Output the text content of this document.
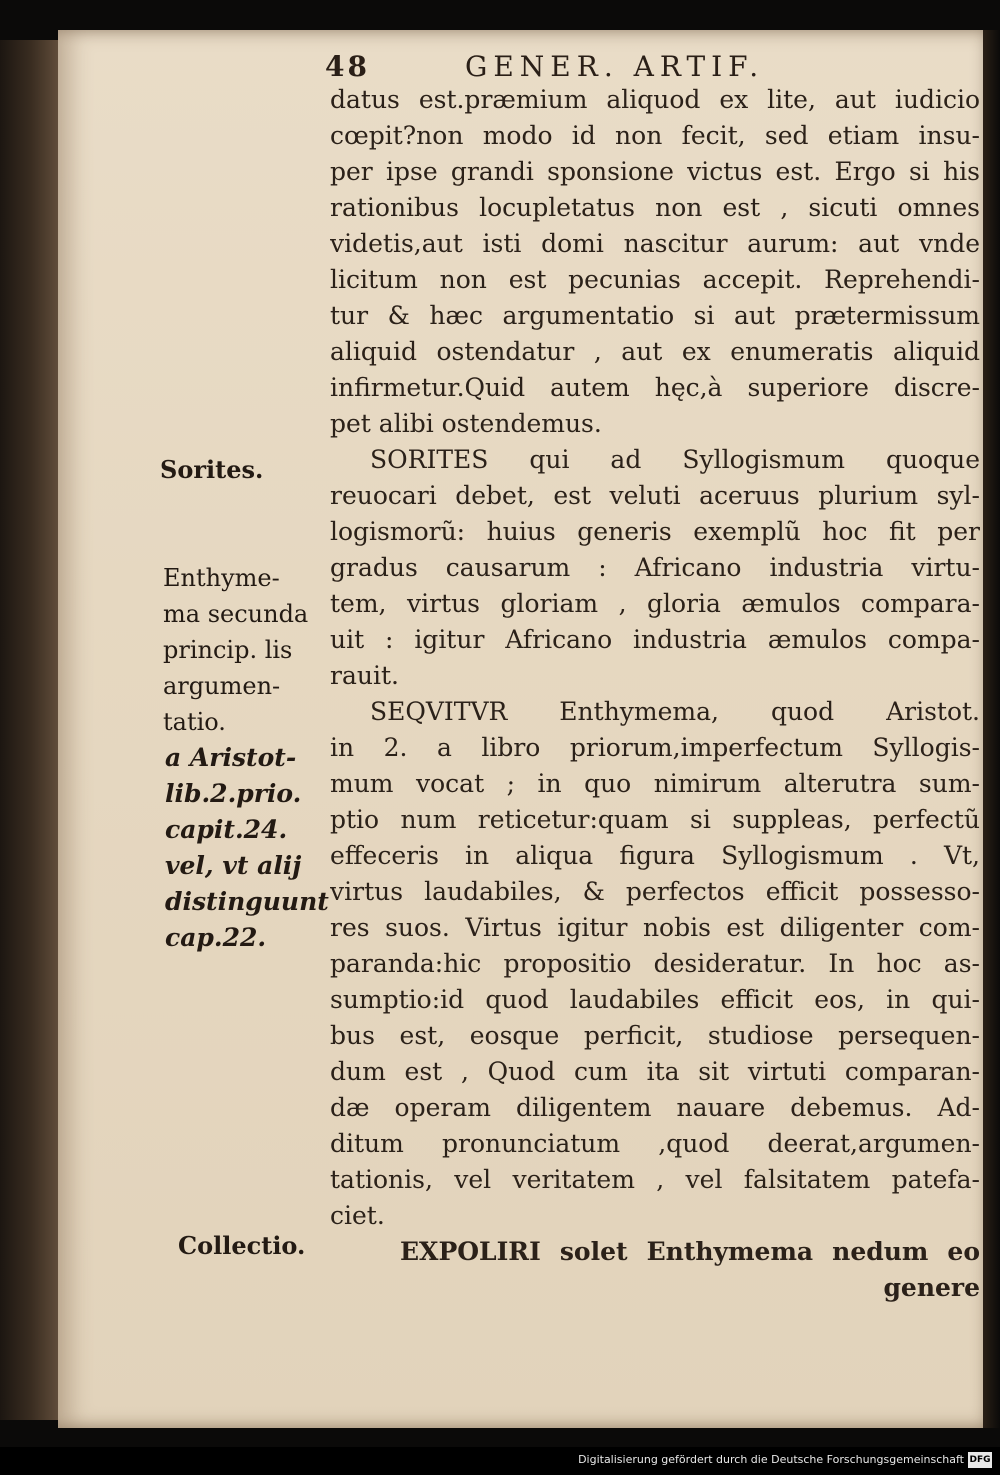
48	GENER. ARTIF.
datus est.præmium aliquod ex lite, aut iudicio
cœpit?non modo id non fecit, sed etiam insu-
per ipse grandi sponsione victus est. Ergo si his
rationibus locupletatus non est , sicuti omnes
videtis,aut isti domi nascitur aurum: aut vnde
licitum non est pecunias accepit. Reprehendi-
tur & hæc argumentatio si aut prætermissum
aliquid ostendatur , aut ex enumeratis aliquid
infirmetur.Quid autem hęc,à superiore discre-
pet alibi ostendemus.
SORITES qui ad Syllogismum quoque
reuocari debet, est veluti aceruus plurium syl-
logismorũ: huius generis exemplũ hoc fit per
gradus causarum : Africano industria virtu-
tem, virtus gloriam , gloria æmulos compara-
uit : igitur Africano industria æmulos compa-
rauit.
SEQVITVR Enthymema, quod Aristot.
in 2. a libro priorum,imperfectum Syllogis-
mum vocat ; in quo nimirum alterutra sum-
ptio num reticetur:quam si suppleas, perfectũ
effeceris in aliqua figura Syllogismum . Vt,
virtus laudabiles, & perfectos efficit possesso-
res suos. Virtus igitur nobis est diligenter com-
paranda:hic propositio desideratur. In hoc as-
sumptio:id quod laudabiles efficit eos, in qui-
bus est, eosque perficit, studiose persequen-
dum est , Quod cum ita sit virtuti comparan-
dæ operam diligentem nauare debemus. Ad-
ditum pronunciatum ,quod deerat,argumen-
tationis, vel veritatem , vel falsitatem patefa-
ciet.
EXPOLIRI solet Enthymema nedum eo
genere
Sorites.
Enthyme-
ma secunda
princip. lis
argumen-
tatio.
a Aristot-
lib.2.prio.
capit.24.
vel, vt alij
distinguunt
cap.22.
Collectio.
Digitalisierung gefördert durch die Deutsche Forschungsgemeinschaft DFG
